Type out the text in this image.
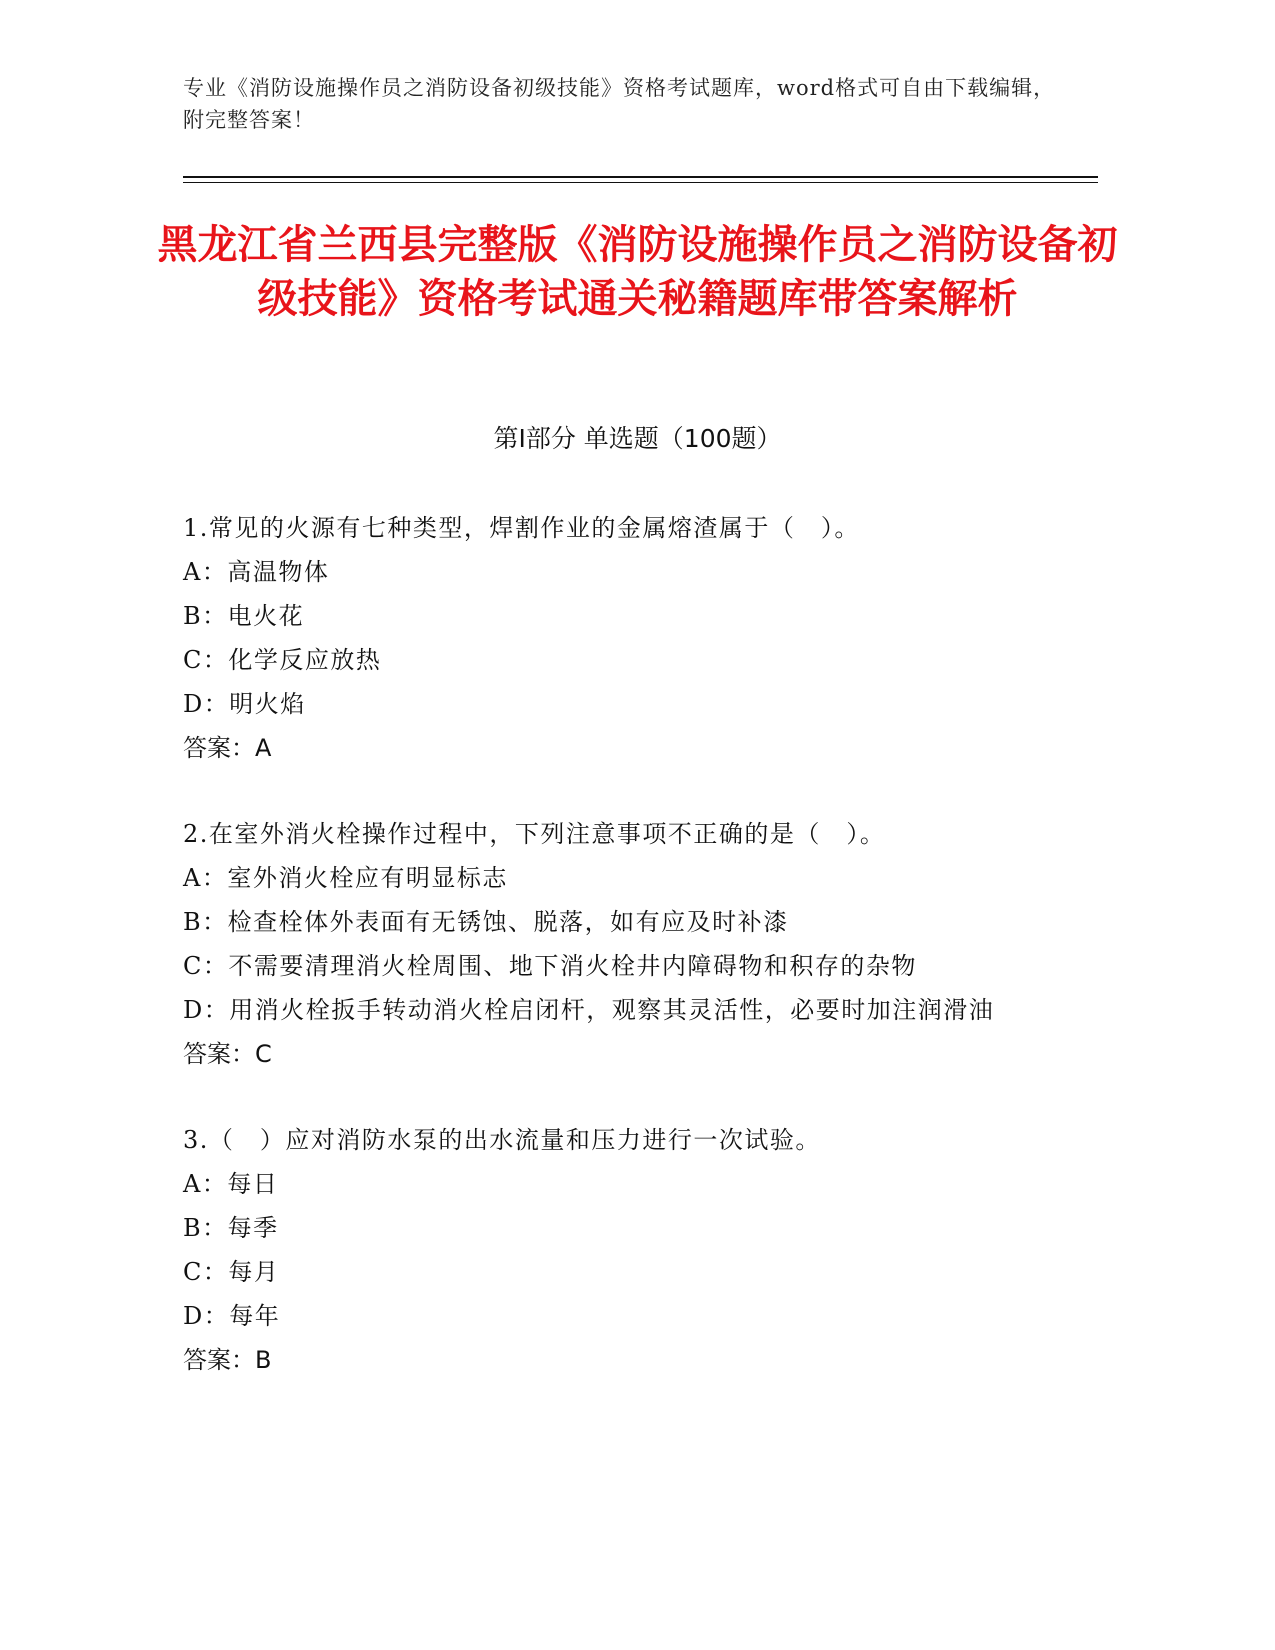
专业《消防设施操作员之消防设备初级技能》资格考试题库，word格式可自由下载编辑，附完整答案！
黑龙江省兰西县完整版《消防设施操作员之消防设备初级技能》资格考试通关秘籍题库带答案解析
第Ⅰ部分 单选题（100题）

1.常见的火源有七种类型，焊割作业的金属熔渣属于（　）。

A：高温物体

B：电火花

C：化学反应放热

D：明火焰

答案：A

2.在室外消火栓操作过程中，下列注意事项不正确的是（　）。

A：室外消火栓应有明显标志

B：检查栓体外表面有无锈蚀、脱落，如有应及时补漆

C：不需要清理消火栓周围、地下消火栓井内障碍物和积存的杂物

D：用消火栓扳手转动消火栓启闭杆，观察其灵活性，必要时加注润滑油

答案：C

3.（　）应对消防水泵的出水流量和压力进行一次试验。

A：每日

B：每季

C：每月

D：每年

答案：B
